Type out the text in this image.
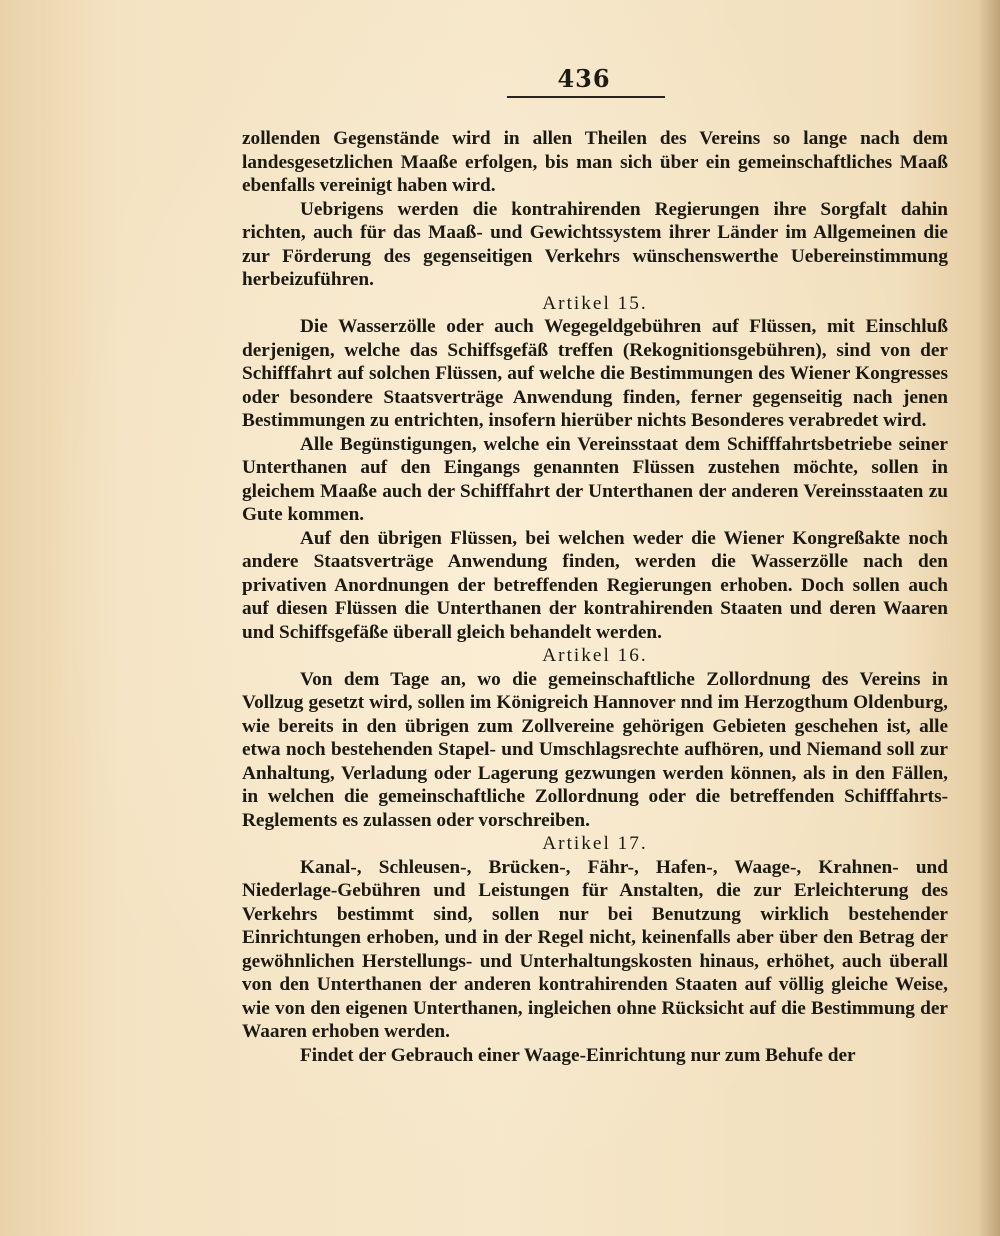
436

zollenden Gegenstände wird in allen Theilen des Vereins so lange nach dem landesgesetzlichen Maaße erfolgen, bis man sich über ein gemeinschaftliches Maaß ebenfalls vereinigt haben wird.

Uebrigens werden die kontrahirenden Regierungen ihre Sorgfalt dahin richten, auch für das Maaß- und Gewichtssystem ihrer Länder im Allgemeinen die zur Förderung des gegenseitigen Verkehrs wünschenswerthe Uebereinstimmung herbeizuführen.

Artikel 15.

Die Wasserzölle oder auch Wegegeldgebühren auf Flüssen, mit Einschluß derjenigen, welche das Schiffsgefäß treffen (Rekognitionsgebühren), sind von der Schifffahrt auf solchen Flüssen, auf welche die Bestimmungen des Wiener Kongresses oder besondere Staatsverträge Anwendung finden, ferner gegenseitig nach jenen Bestimmungen zu entrichten, insofern hierüber nichts Besonderes verabredet wird.

Alle Begünstigungen, welche ein Vereinsstaat dem Schifffahrtsbetriebe seiner Unterthanen auf den Eingangs genannten Flüssen zustehen möchte, sollen in gleichem Maaße auch der Schifffahrt der Unterthanen der anderen Vereinsstaaten zu Gute kommen.

Auf den übrigen Flüssen, bei welchen weder die Wiener Kongreßakte noch andere Staatsverträge Anwendung finden, werden die Wasserzölle nach den privativen Anordnungen der betreffenden Regierungen erhoben. Doch sollen auch auf diesen Flüssen die Unterthanen der kontrahirenden Staaten und deren Waaren und Schiffsgefäße überall gleich behandelt werden.

Artikel 16.

Von dem Tage an, wo die gemeinschaftliche Zollordnung des Vereins in Vollzug gesetzt wird, sollen im Königreich Hannover nnd im Herzogthum Oldenburg, wie bereits in den übrigen zum Zollvereine gehörigen Gebieten geschehen ist, alle etwa noch bestehenden Stapel- und Umschlagsrechte aufhören, und Niemand soll zur Anhaltung, Verladung oder Lagerung gezwungen werden können, als in den Fällen, in welchen die gemeinschaftliche Zollordnung oder die betreffenden Schifffahrts-Reglements es zulassen oder vorschreiben.

Artikel 17.

Kanal-, Schleusen-, Brücken-, Fähr-, Hafen-, Waage-, Krahnen- und Niederlage-Gebühren und Leistungen für Anstalten, die zur Erleichterung des Verkehrs bestimmt sind, sollen nur bei Benutzung wirklich bestehender Einrichtungen erhoben, und in der Regel nicht, keinenfalls aber über den Betrag der gewöhnlichen Herstellungs- und Unterhaltungskosten hinaus, erhöhet, auch überall von den Unterthanen der anderen kontrahirenden Staaten auf völlig gleiche Weise, wie von den eigenen Unterthanen, ingleichen ohne Rücksicht auf die Bestimmung der Waaren erhoben werden.

Findet der Gebrauch einer Waage-Einrichtung nur zum Behufe der
